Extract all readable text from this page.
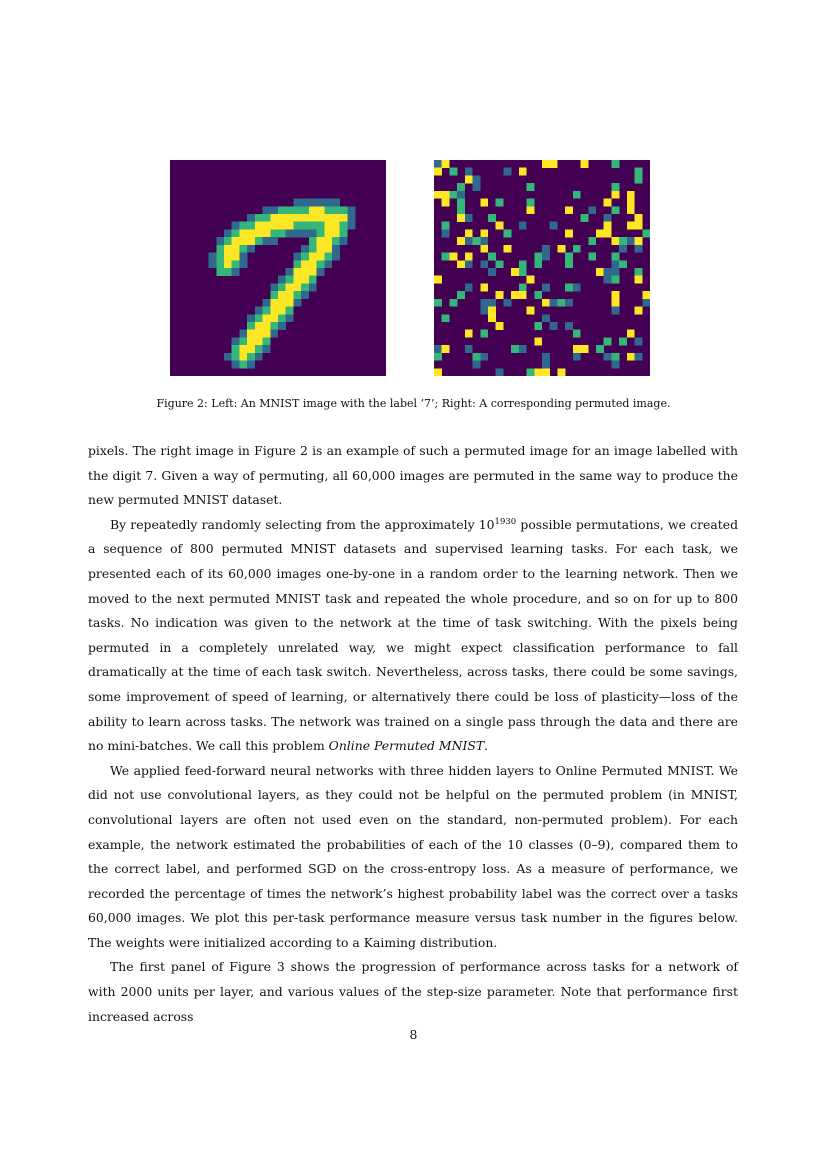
Figure 2: Left: An MNIST image with the label ‘7’; Right: A corresponding permuted image.

pixels. The right image in Figure 2 is an example of such a permuted image for an image labelled with the digit 7. Given a way of permuting, all 60,000 images are permuted in the same way to produce the new permuted MNIST dataset.

By repeatedly randomly selecting from the approximately $10^{1930}$ possible permutations, we created a sequence of 800 permuted MNIST datasets and supervised learning tasks. For each task, we presented each of its 60,000 images one-by-one in a random order to the learning network. Then we moved to the next permuted MNIST task and repeated the whole procedure, and so on for up to 800 tasks. No indication was given to the network at the time of task switching. With the pixels being permuted in a completely unrelated way, we might expect classification performance to fall dramatically at the time of each task switch. Nevertheless, across tasks, there could be some savings, some improvement of speed of learning, or alternatively there could be loss of plasticity—loss of the ability to learn across tasks. The network was trained on a single pass through the data and there are no mini-batches. We call this problem Online Permuted MNIST.

We applied feed-forward neural networks with three hidden layers to Online Permuted MNIST. We did not use convolutional layers, as they could not be helpful on the permuted problem (in MNIST, convolutional layers are often not used even on the standard, non-permuted problem). For each example, the network estimated the probabilities of each of the 10 classes (0–9), compared them to the correct label, and performed SGD on the cross-entropy loss. As a measure of performance, we recorded the percentage of times the network’s highest probability label was the correct over a tasks 60,000 images. We plot this per-task performance measure versus task number in the figures below. The weights were initialized according to a Kaiming distribution.

The first panel of Figure 3 shows the progression of performance across tasks for a network of with 2000 units per layer, and various values of the step-size parameter. Note that performance first increased across

8
